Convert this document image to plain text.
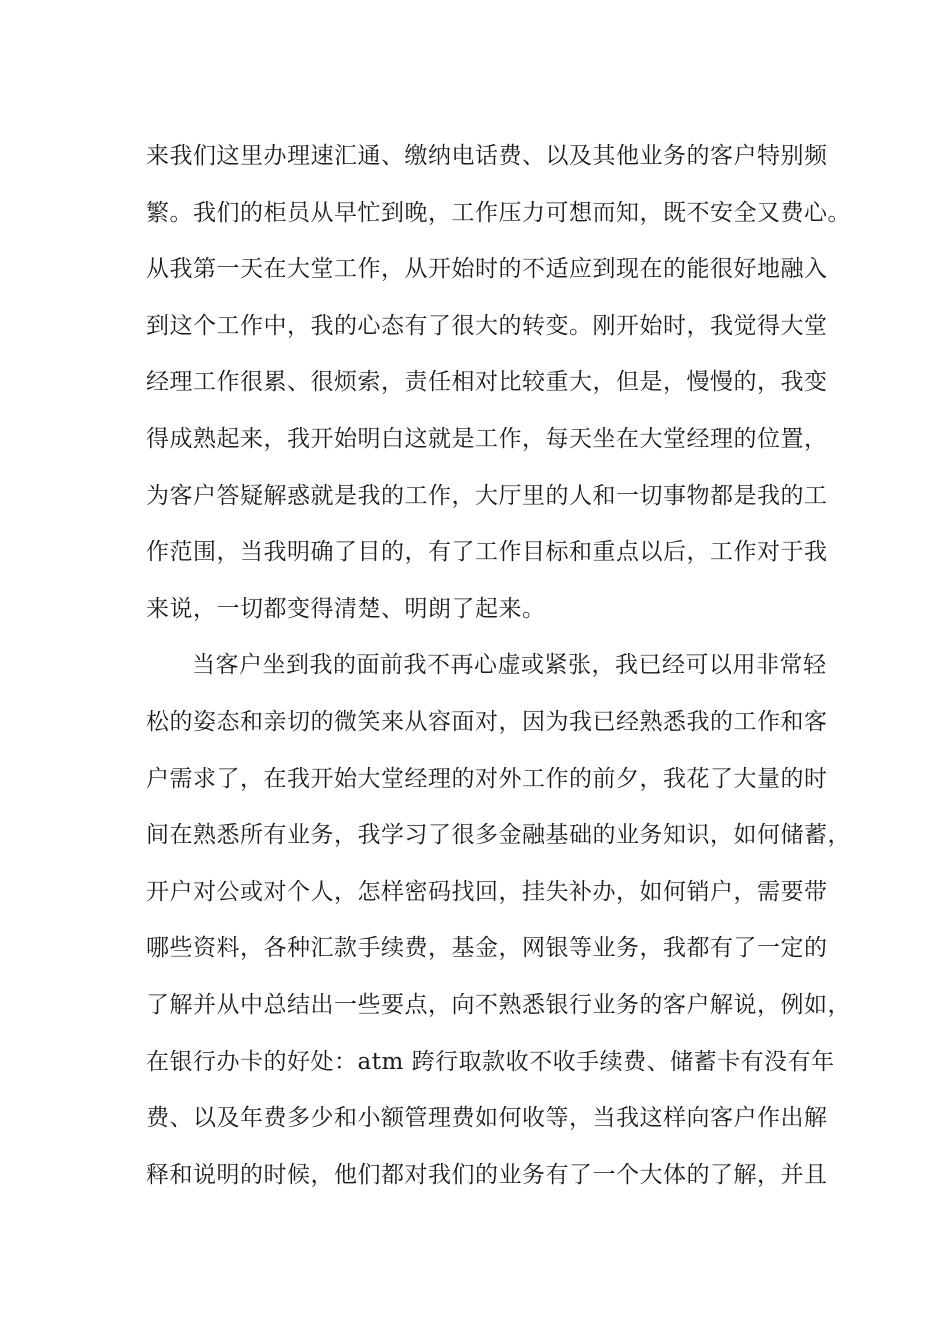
来我们这里办理速汇通、缴纳电话费、以及其他业务的客户特别频
繁。我们的柜员从早忙到晚，工作压力可想而知，既不安全又费心。
从我第一天在大堂工作，从开始时的不适应到现在的能很好地融入
到这个工作中，我的心态有了很大的转变。刚开始时，我觉得大堂
经理工作很累、很烦索，责任相对比较重大，但是，慢慢的，我变
得成熟起来，我开始明白这就是工作，每天坐在大堂经理的位置，
为客户答疑解惑就是我的工作，大厅里的人和一切事物都是我的工
作范围，当我明确了目的，有了工作目标和重点以后，工作对于我
来说，一切都变得清楚、明朗了起来。
当客户坐到我的面前我不再心虚或紧张，我已经可以用非常轻
松的姿态和亲切的微笑来从容面对，因为我已经熟悉我的工作和客
户需求了，在我开始大堂经理的对外工作的前夕，我花了大量的时
间在熟悉所有业务，我学习了很多金融基础的业务知识，如何储蓄，
开户对公或对个人，怎样密码找回，挂失补办，如何销户，需要带
哪些资料，各种汇款手续费，基金，网银等业务，我都有了一定的
了解并从中总结出一些要点，向不熟悉银行业务的客户解说，例如，
在银行办卡的好处：atm 跨行取款收不收手续费、储蓄卡有没有年
费、以及年费多少和小额管理费如何收等，当我这样向客户作出解
释和说明的时候，他们都对我们的业务有了一个大体的了解，并且
